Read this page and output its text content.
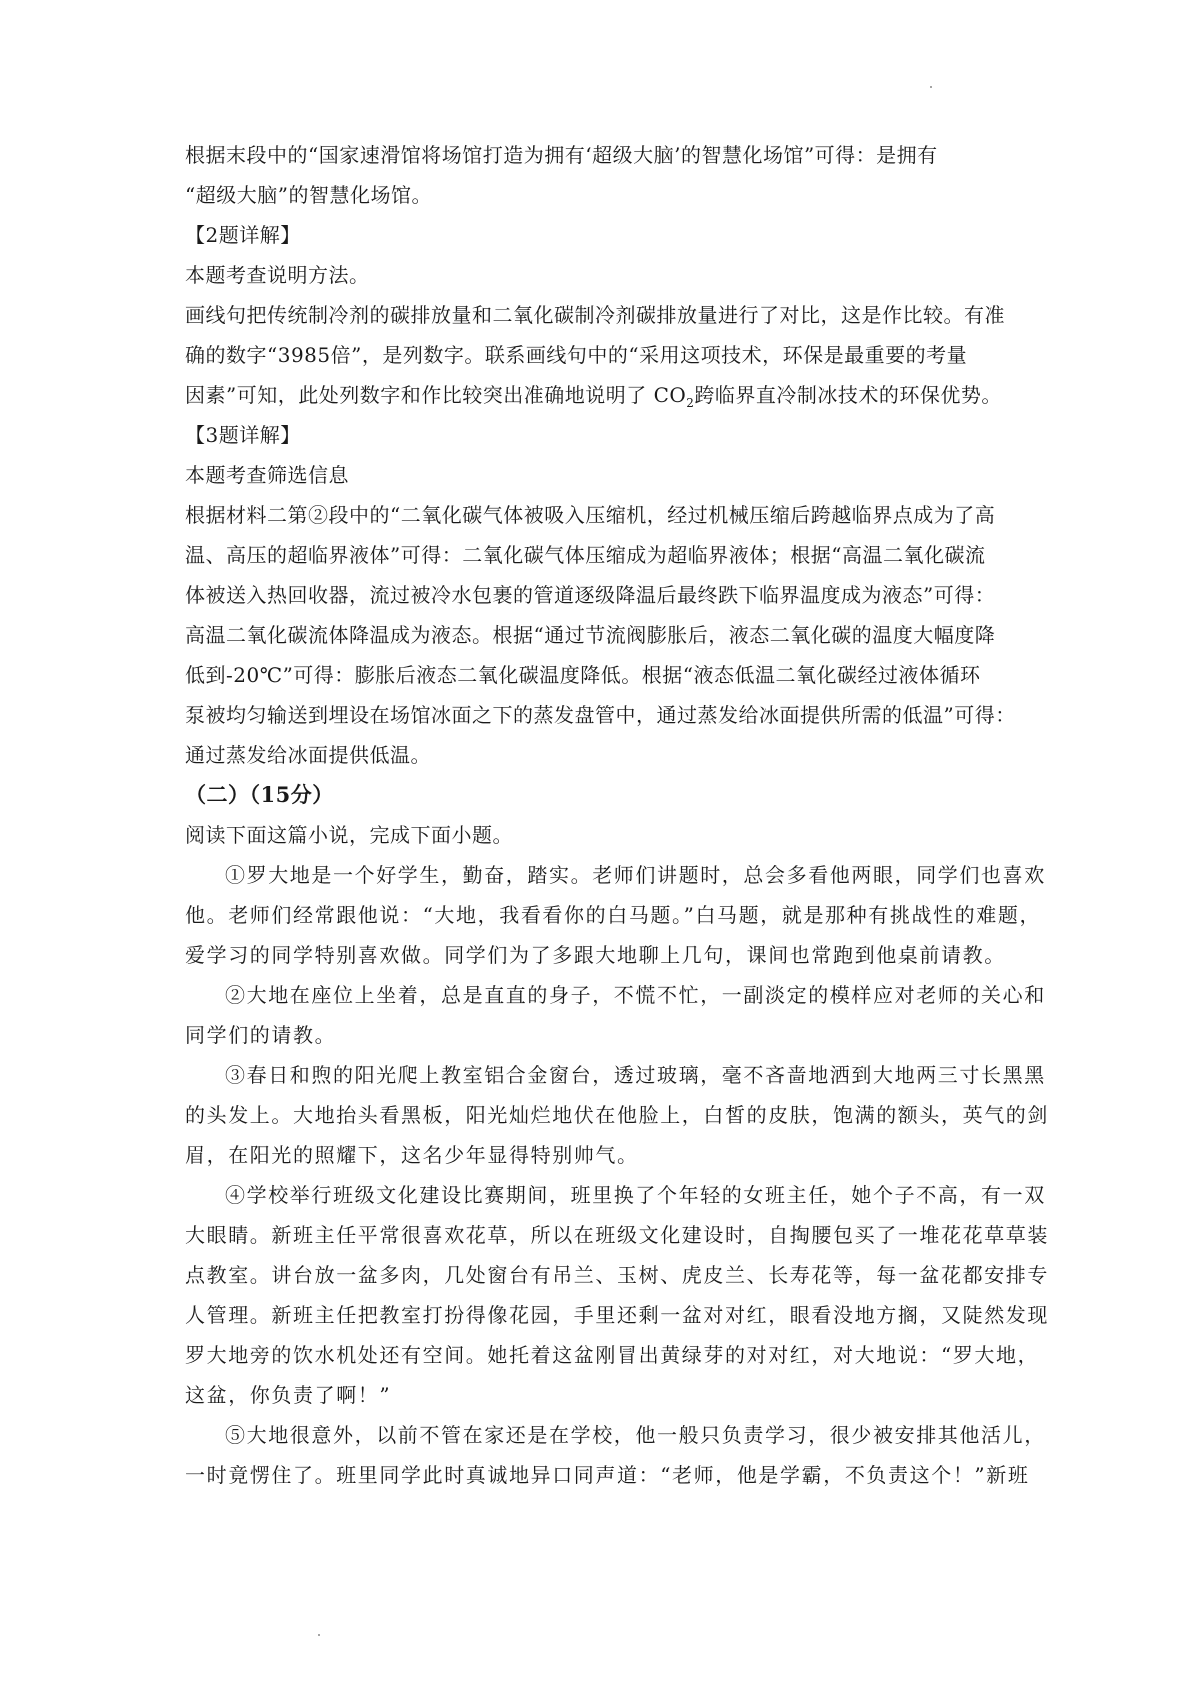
根据末段中的“国家速滑馆将场馆打造为拥有‘超级大脑’的智慧化场馆”可得：是拥有
“超级大脑”的智慧化场馆。
【2题详解】
本题考查说明方法。
画线句把传统制冷剂的碳排放量和二氧化碳制冷剂碳排放量进行了对比，这是作比较。有准
确的数字“3985倍”，是列数字。联系画线句中的“采用这项技术，环保是最重要的考量
因素”可知，此处列数字和作比较突出准确地说明了 $CO_2$跨临界直冷制冰技术的环保优势。
【3题详解】
本题考查筛选信息
根据材料二第②段中的“二氧化碳气体被吸入压缩机，经过机械压缩后跨越临界点成为了高
温、高压的超临界液体”可得：二氧化碳气体压缩成为超临界液体；根据“高温二氧化碳流
体被送入热回收器，流过被冷水包裹的管道逐级降温后最终跌下临界温度成为液态”可得：
高温二氧化碳流体降温成为液态。根据“通过节流阀膨胀后，液态二氧化碳的温度大幅度降
低到-20℃”可得：膨胀后液态二氧化碳温度降低。根据“液态低温二氧化碳经过液体循环
泵被均匀输送到埋设在场馆冰面之下的蒸发盘管中，通过蒸发给冰面提供所需的低温”可得：
通过蒸发给冰面提供低温。
（二）（15分）
阅读下面这篇小说，完成下面小题。
①罗大地是一个好学生，勤奋，踏实。老师们讲题时，总会多看他两眼，同学们也喜欢
他。老师们经常跟他说：“大地，我看看你的白马题。”白马题，就是那种有挑战性的难题，
爱学习的同学特别喜欢做。同学们为了多跟大地聊上几句，课间也常跑到他桌前请教。
②大地在座位上坐着，总是直直的身子，不慌不忙，一副淡定的模样应对老师的关心和
同学们的请教。
③春日和煦的阳光爬上教室铝合金窗台，透过玻璃，毫不吝啬地洒到大地两三寸长黑黑
的头发上。大地抬头看黑板，阳光灿烂地伏在他脸上，白皙的皮肤，饱满的额头，英气的剑
眉，在阳光的照耀下，这名少年显得特别帅气。
④学校举行班级文化建设比赛期间，班里换了个年轻的女班主任，她个子不高，有一双
大眼睛。新班主任平常很喜欢花草，所以在班级文化建设时，自掏腰包买了一堆花花草草装
点教室。讲台放一盆多肉，几处窗台有吊兰、玉树、虎皮兰、长寿花等，每一盆花都安排专
人管理。新班主任把教室打扮得像花园，手里还剩一盆对对红，眼看没地方搁，又陡然发现
罗大地旁的饮水机处还有空间。她托着这盆刚冒出黄绿芽的对对红，对大地说：“罗大地，
这盆，你负责了啊！”
⑤大地很意外，以前不管在家还是在学校，他一般只负责学习，很少被安排其他活儿，
一时竟愣住了。班里同学此时真诚地异口同声道：“老师，他是学霸，不负责这个！”新班
